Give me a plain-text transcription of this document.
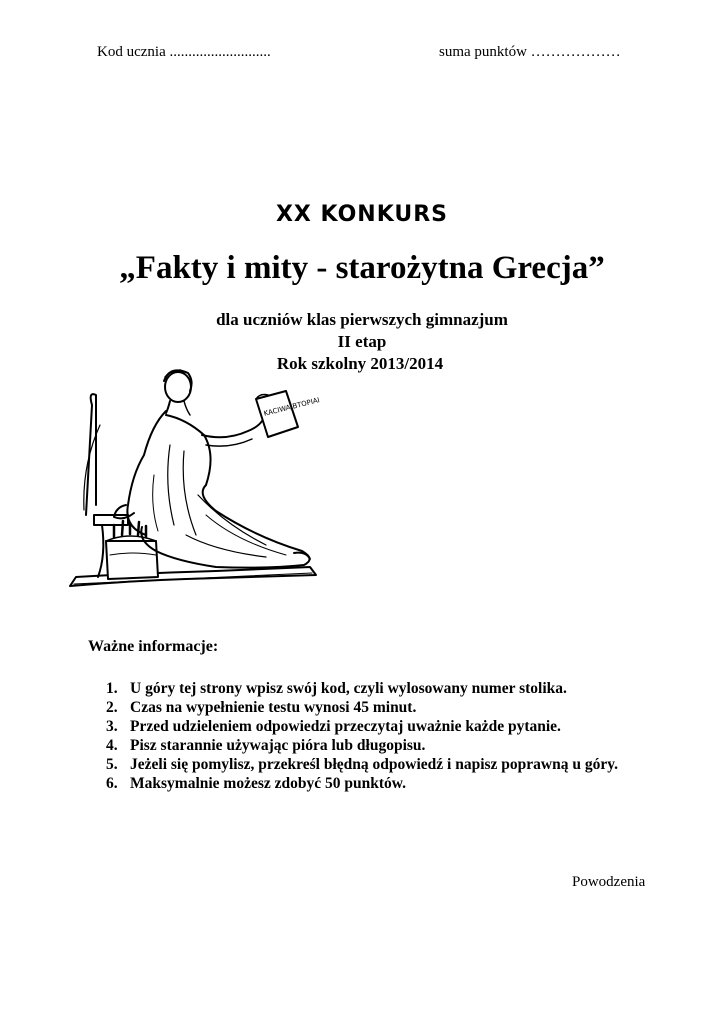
Kod ucznia ...........................	suma punktów ………………
XX KONKURS
„Fakty i mity - starożytna Grecja”
dla uczniów klas pierwszych gimnazjum
II etap
Rok szkolny 2013/2014
KACIWA BTOPIAI
Ważne informacje:
1. U góry tej strony wpisz swój kod, czyli wylosowany numer stolika.
2. Czas na wypełnienie testu wynosi 45 minut.
3. Przed udzieleniem odpowiedzi przeczytaj uważnie każde pytanie.
4. Pisz starannie używając pióra lub długopisu.
5. Jeżeli się pomylisz, przekreśl błędną odpowiedź i napisz poprawną u góry.
6. Maksymalnie możesz zdobyć 50 punktów.
Powodzenia
